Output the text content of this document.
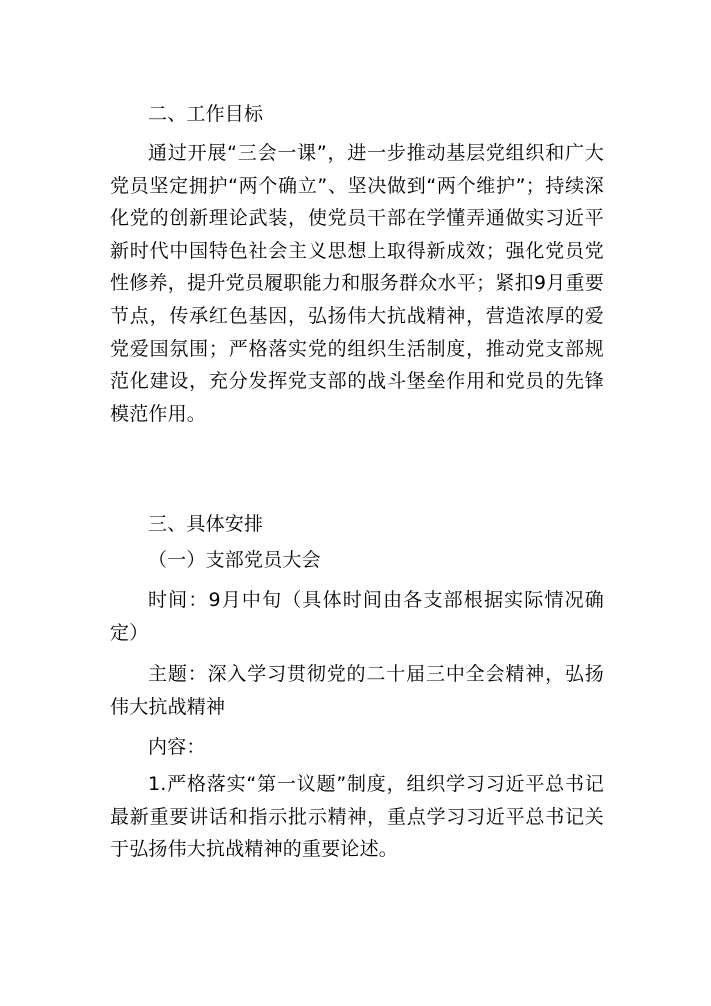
二、工作目标

通过开展“三会一课”，进一步推动基层党组织和广大党员坚定拥护“两个确立”、坚决做到“两个维护”；持续深化党的创新理论武装，使党员干部在学懂弄通做实习近平新时代中国特色社会主义思想上取得新成效；强化党员党性修养，提升党员履职能力和服务群众水平；紧扣9月重要节点，传承红色基因，弘扬伟大抗战精神，营造浓厚的爱党爱国氛围；严格落实党的组织生活制度，推动党支部规范化建设，充分发挥党支部的战斗堡垒作用和党员的先锋模范作用。

三、具体安排

（一）支部党员大会

时间：9月中旬（具体时间由各支部根据实际情况确定）

主题：深入学习贯彻党的二十届三中全会精神，弘扬伟大抗战精神

内容：

1.严格落实“第一议题”制度，组织学习习近平总书记最新重要讲话和指示批示精神，重点学习习近平总书记关于弘扬伟大抗战精神的重要论述。
